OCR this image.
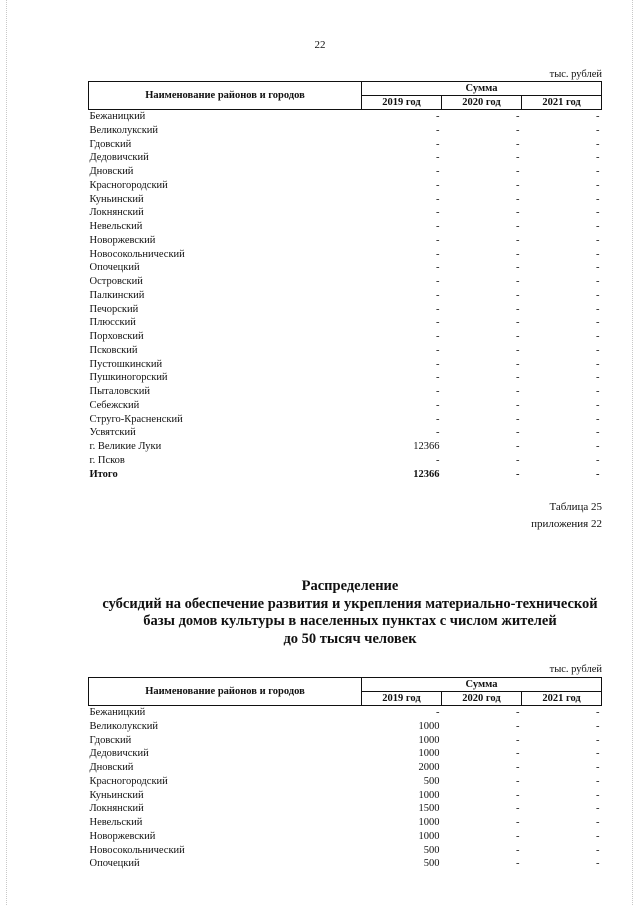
22
тыс. рублей
Наименование районов и городов	Сумма		
	2019 год	2020 год	2021 год
Бежаницкий	-	-	-
Великолукский	-	-	-
Гдовский	-	-	-
Дедовичский	-	-	-
Дновский	-	-	-
Красногородский	-	-	-
Куньинский	-	-	-
Локнянский	-	-	-
Невельский	-	-	-
Новоржевский	-	-	-
Новосокольнический	-	-	-
Опочецкий	-	-	-
Островский	-	-	-
Палкинский	-	-	-
Печорский	-	-	-
Плюсский	-	-	-
Порховский	-	-	-
Псковский	-	-	-
Пустошкинский	-	-	-
Пушкиногорский	-	-	-
Пыталовский	-	-	-
Себежский	-	-	-
Струго-Красненский	-	-	-
Усвятский	-	-	-
г. Великие Луки	12366	-	-
г. Псков	-	-	-
Итого	12366	-	-
Таблица 25
приложения 22
Распределение
субсидий на обеспечение развития и укрепления материально-технической
базы домов культуры в населенных пунктах с числом жителей
до 50 тысяч человек
тыс. рублей
Наименование районов и городов	Сумма		
	2019 год	2020 год	2021 год
Бежаницкий	-	-	-
Великолукский	1000	-	-
Гдовский	1000	-	-
Дедовичский	1000	-	-
Дновский	2000	-	-
Красногородский	500	-	-
Куньинский	1000	-	-
Локнянский	1500	-	-
Невельский	1000	-	-
Новоржевский	1000	-	-
Новосокольнический	500	-	-
Опочецкий	500	-	-
